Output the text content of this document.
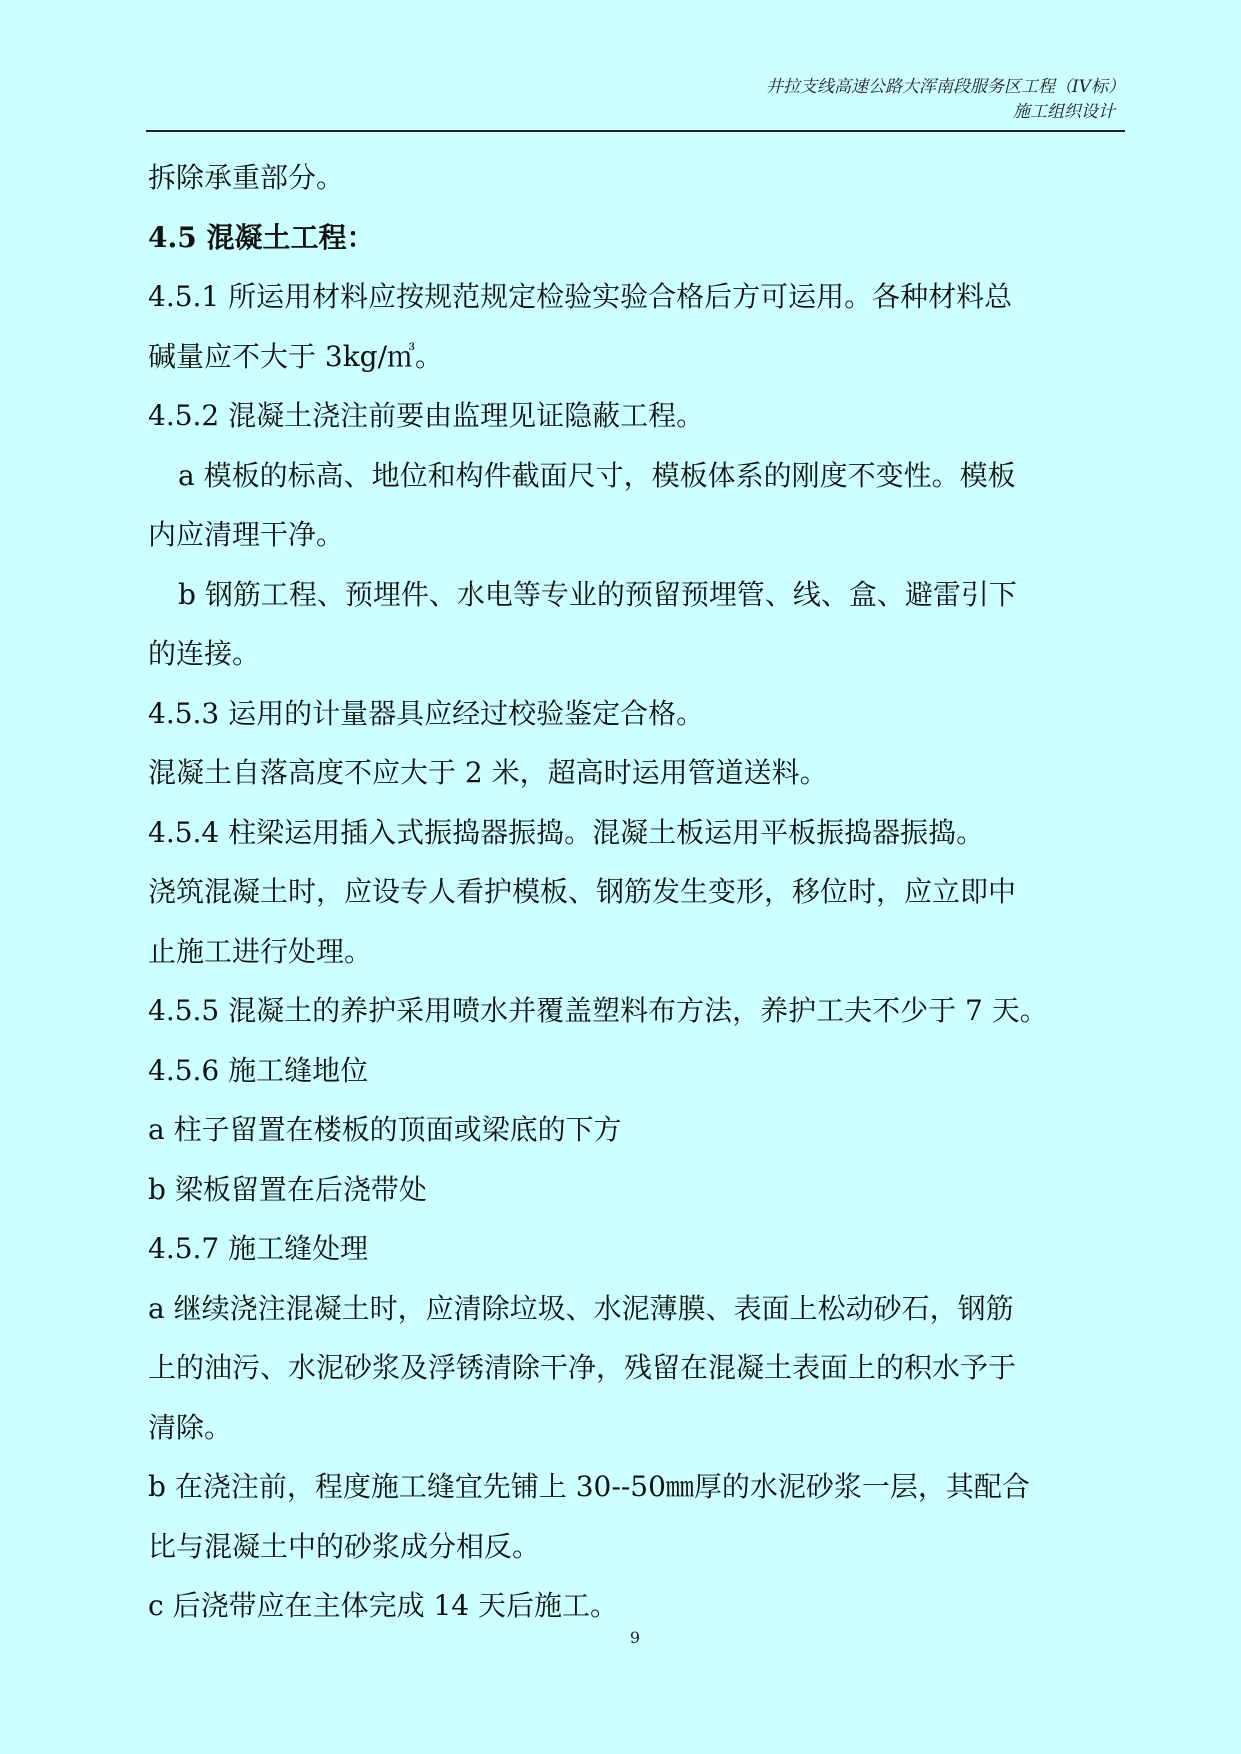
井拉支线高速公路大浑南段服务区工程（IV标）
施工组织设计
拆除承重部分。
4.5 混凝土工程：
4.5.1 所运用材料应按规范规定检验实验合格后方可运用。各种材料总
碱量应不大于 3kg/㎥。
4.5.2 混凝土浇注前要由监理见证隐蔽工程。
a 模板的标高、地位和构件截面尺寸，模板体系的刚度不变性。模板
内应清理干净。
b 钢筋工程、预埋件、水电等专业的预留预埋管、线、盒、避雷引下
的连接。
4.5.3 运用的计量器具应经过校验鉴定合格。
混凝土自落高度不应大于 2 米，超高时运用管道送料。
4.5.4 柱梁运用插入式振捣器振捣。混凝土板运用平板振捣器振捣。
浇筑混凝土时，应设专人看护模板、钢筋发生变形，移位时，应立即中
止施工进行处理。
4.5.5 混凝土的养护采用喷水并覆盖塑料布方法，养护工夫不少于 7 天。
4.5.6 施工缝地位
a 柱子留置在楼板的顶面或梁底的下方
b 梁板留置在后浇带处
4.5.7 施工缝处理
a 继续浇注混凝土时，应清除垃圾、水泥薄膜、表面上松动砂石，钢筋
上的油污、水泥砂浆及浮锈清除干净，残留在混凝土表面上的积水予于
清除。
b 在浇注前，程度施工缝宜先铺上 30--50㎜厚的水泥砂浆一层，其配合
比与混凝土中的砂浆成分相反。
c 后浇带应在主体完成 14 天后施工。
9
